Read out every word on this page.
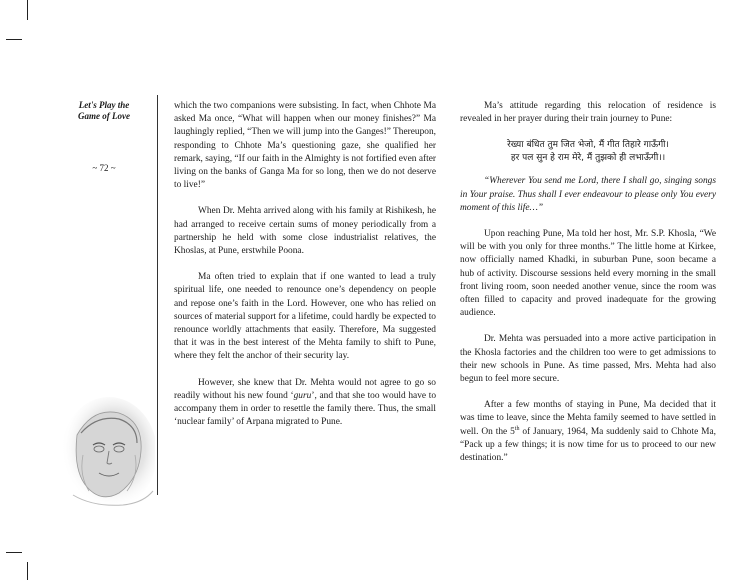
Let's Play the
Game of Love
~ 72 ~

which the two companions were subsisting. In fact, when Chhote Ma asked Ma once, “What will happen when our money finishes?” Ma laughingly replied, “Then we will jump into the Ganges!” Thereupon, responding to Chhote Ma’s questioning gaze, she qualified her remark, saying, “If our faith in the Almighty is not fortified even after living on the banks of Ganga Ma for so long, then we do not deserve to live!”

When Dr. Mehta arrived along with his family at Rishikesh, he had arranged to receive certain sums of money periodically from a partnership he held with some close industrialist relatives, the Khoslas, at Pune, erstwhile Poona.

Ma often tried to explain that if one wanted to lead a truly spiritual life, one needed to renounce one’s dependency on people and repose one’s faith in the Lord. However, one who has relied on sources of material support for a lifetime, could hardly be expected to renounce worldly attachments that easily. Therefore, Ma suggested that it was in the best interest of the Mehta family to shift to Pune, where they felt the anchor of their security lay.

However, she knew that Dr. Mehta would not agree to go so readily without his new found ‘guru’, and that she too would have to accompany them in order to resettle the family there. Thus, the small ‘nuclear family’ of Arpana migrated to Pune.

Ma’s attitude regarding this relocation of residence is revealed in her prayer during their train journey to Pune:

रेख्या बंधित तुम जित भेजो, मैं गीत तिहारे गाऊँगी।
हर पल सुन हे राम मेरे, मैं तुझको ही लभाऊँगी।।

“Wherever You send me Lord, there I shall go, singing songs in Your praise. Thus shall I ever endeavour to please only You every moment of this life…”

Upon reaching Pune, Ma told her host, Mr. S.P. Khosla, “We will be with you only for three months.” The little home at Kirkee, now officially named Khadki, in suburban Pune, soon became a hub of activity. Discourse sessions held every morning in the small front living room, soon needed another venue, since the room was often filled to capacity and proved inadequate for the growing audience.

Dr. Mehta was persuaded into a more active participation in the Khosla factories and the children too were to get admissions to their new schools in Pune. As time passed, Mrs. Mehta had also begun to feel more secure.

After a few months of staying in Pune, Ma decided that it was time to leave, since the Mehta family seemed to have settled in well. On the 5th of January, 1964, Ma suddenly said to Chhote Ma, “Pack up a few things; it is now time for us to proceed to our new destination.”
